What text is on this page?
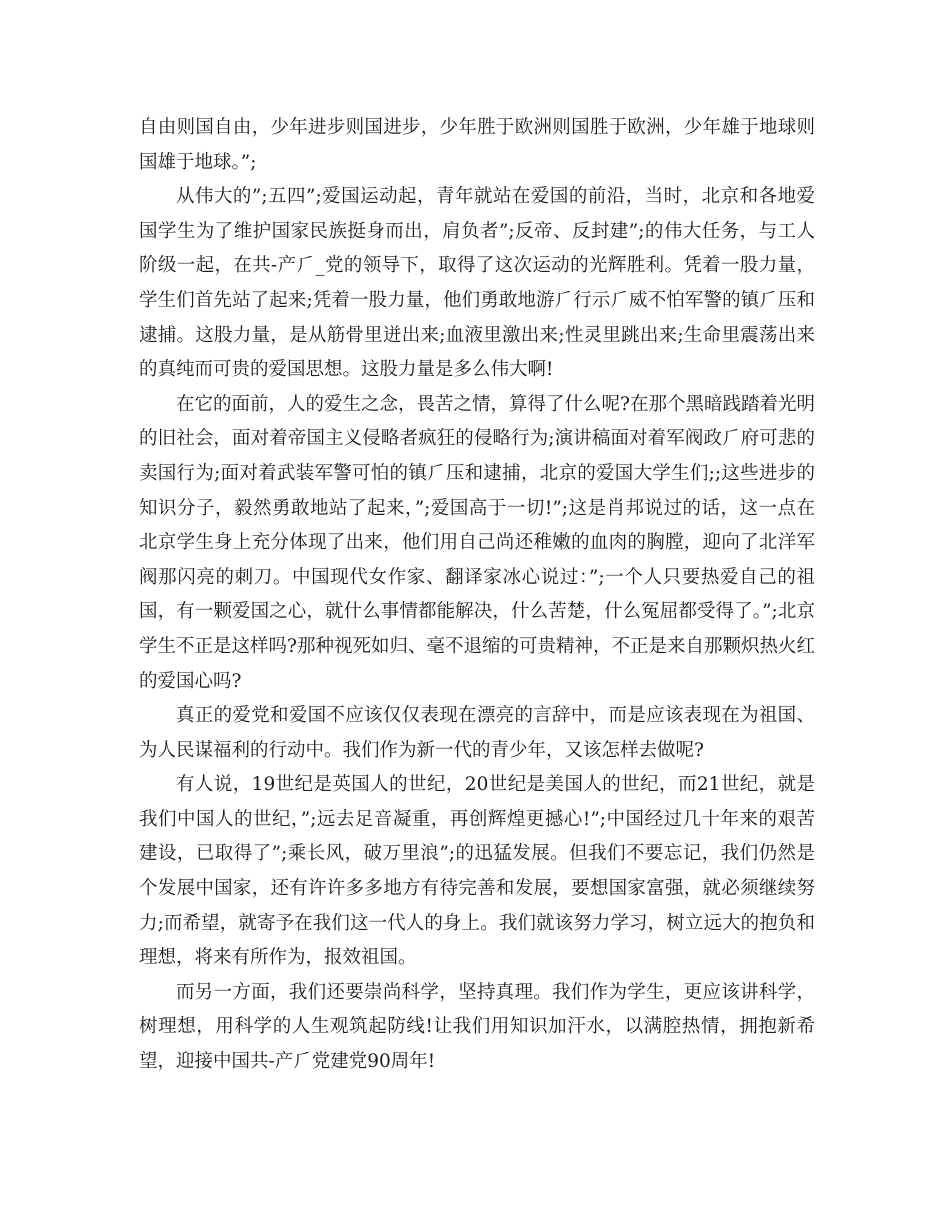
自由则国自由，少年进步则国进步，少年胜于欧洲则国胜于欧洲，少年雄于地球则国雄于地球。”;

从伟大的”;五四”;爱国运动起，青年就站在爱国的前沿，当时，北京和各地爱国学生为了维护国家民族挺身而出，肩负者”;反帝、反封建”;的伟大任务，与工人阶级一起，在共-产⺁_党的领导下，取得了这次运动的光辉胜利。凭着一股力量，学生们首先站了起来;凭着一股力量，他们勇敢地游⺁行示⺁威不怕军警的镇⺁压和逮捕。这股力量，是从筋骨里迸出来;血液里激出来;性灵里跳出来;生命里震荡出来的真纯而可贵的爱国思想。这股力量是多么伟大啊!

在它的面前，人的爱生之念，畏苦之情，算得了什么呢?在那个黑暗践踏着光明的旧社会，面对着帝国主义侵略者疯狂的侵略行为;演讲稿面对着军阀政⺁府可悲的卖国行为;面对着武装军警可怕的镇⺁压和逮捕，北京的爱国大学生们;;这些进步的知识分子，毅然勇敢地站了起来，”;爱国高于一切!”;这是肖邦说过的话，这一点在北京学生身上充分体现了出来，他们用自己尚还稚嫩的血肉的胸膛，迎向了北洋军阀那闪亮的刺刀。中国现代女作家、翻译家冰心说过：”;一个人只要热爱自己的祖国，有一颗爱国之心，就什么事情都能解决，什么苦楚，什么冤屈都受得了。”;北京学生不正是这样吗?那种视死如归、毫不退缩的可贵精神，不正是来自那颗炽热火红的爱国心吗?

真正的爱党和爱国不应该仅仅表现在漂亮的言辞中，而是应该表现在为祖国、为人民谋福利的行动中。我们作为新一代的青少年，又该怎样去做呢?

有人说，19世纪是英国人的世纪，20世纪是美国人的世纪，而21世纪，就是我们中国人的世纪，”;远去足音凝重，再创辉煌更撼心!”;中国经过几十年来的艰苦建设，已取得了”;乘长风，破万里浪”;的迅猛发展。但我们不要忘记，我们仍然是个发展中国家，还有许许多多地方有待完善和发展，要想国家富强，就必须继续努力;而希望，就寄予在我们这一代人的身上。我们就该努力学习，树立远大的抱负和理想，将来有所作为，报效祖国。

而另一方面，我们还要崇尚科学，坚持真理。我们作为学生，更应该讲科学，树理想，用科学的人生观筑起防线!让我们用知识加汗水，以满腔热情，拥抱新希望，迎接中国共-产⺁党建党90周年!
